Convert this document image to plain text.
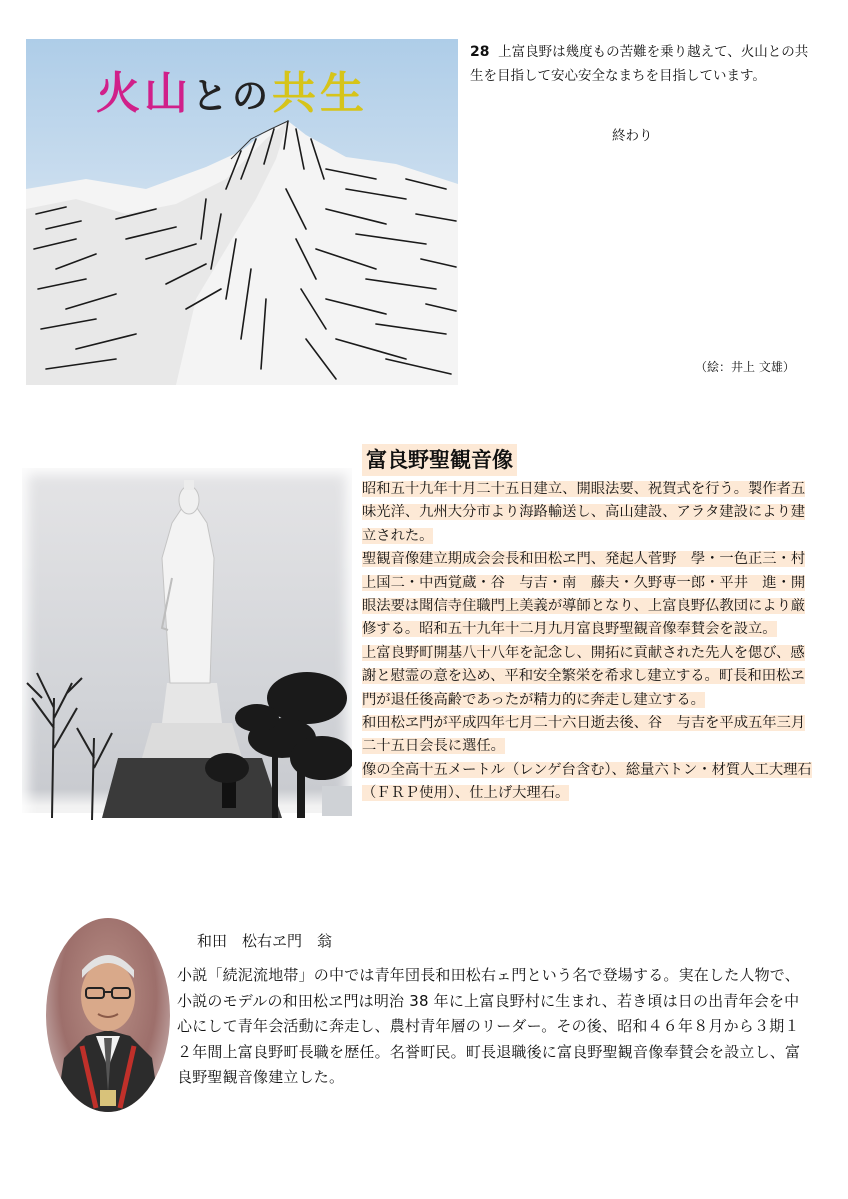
火山との共生
28 上富良野は幾度もの苦難を乗り越えて、火山との共生を目指して安心安全なまちを目指しています。
終わり
（絵：井上 文雄）
富良野聖観音像

昭和五十九年十月二十五日建立、開眼法要、祝賀式を行う。製作者五味光洋、九州大分市より海路輸送し、高山建設、アラタ建設により建立された。

聖観音像建立期成会会長和田松ヱ門、発起人菅野　學・一色正三・村上国二・中西覚蔵・谷　与吉・南　藤夫・久野専一郎・平井　進・開眼法要は聞信寺住職門上美義が導師となり、上富良野仏教団により厳修する。昭和五十九年十二月九月富良野聖観音像奉賛会を設立。

上富良野町開基八十八年を記念し、開拓に貢献された先人を偲び、感謝と慰霊の意を込め、平和安全繁栄を希求し建立する。町長和田松ヱ門が退任後高齢であったが精力的に奔走し建立する。

和田松ヱ門が平成四年七月二十六日逝去後、谷　与吉を平成五年三月二十五日会長に選任。

像の全高十五メートル（レンゲ台含む）、総量六トン・材質人工大理石（ＦＲＰ使用）、仕上げ大理石。

和田　松右ヱ門　翁
小説「続泥流地帯」の中では青年団長和田松右ェ門という名で登場する。実在した人物で、小説のモデルの和田松ヱ門は明治 38 年に上富良野村に生まれ、若き頃は日の出青年会を中心にして青年会活動に奔走し、農村青年層のリーダー。その後、昭和４６年８月から３期１２年間上富良野町長職を歴任。名誉町民。町長退職後に富良野聖観音像奉賛会を設立し、富良野聖観音像建立した。
